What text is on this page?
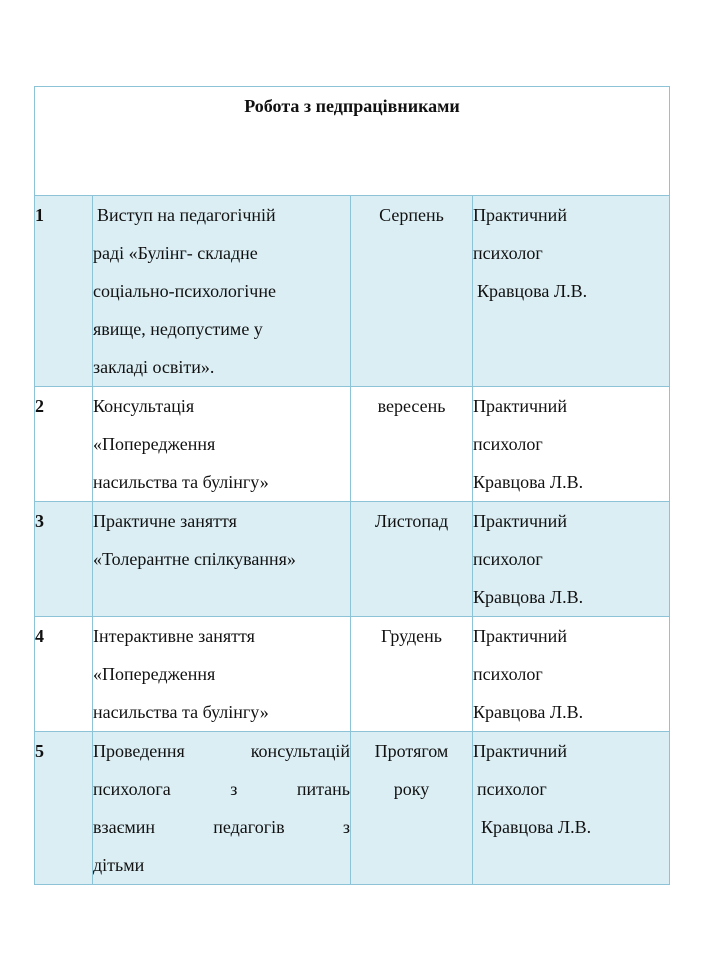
Робота з педпрацівниками			
1	Виступ на педагогічній
раді «Булінг- складне
соціально-психологічне
явище, недопустиме у
закладі освіти».	Серпень	Практичний
психолог
Кравцова Л.В.

2	Консультація
«Попередження
насильства та булінгу»	вересень	Практичний
психолог
Кравцова Л.В.

3	Практичне заняття
«Толерантне спілкування»	Листопад	Практичний
психолог
Кравцова Л.В.

4	Інтерактивне заняття
«Попередження
насильства та булінгу»	Грудень	Практичний
психолог
Кравцова Л.В.

5	Проведення консультацій
психолога з питань
взаємин педагогів з
дітьми	Протягом
року	Практичний
психолог
Кравцова Л.В.
